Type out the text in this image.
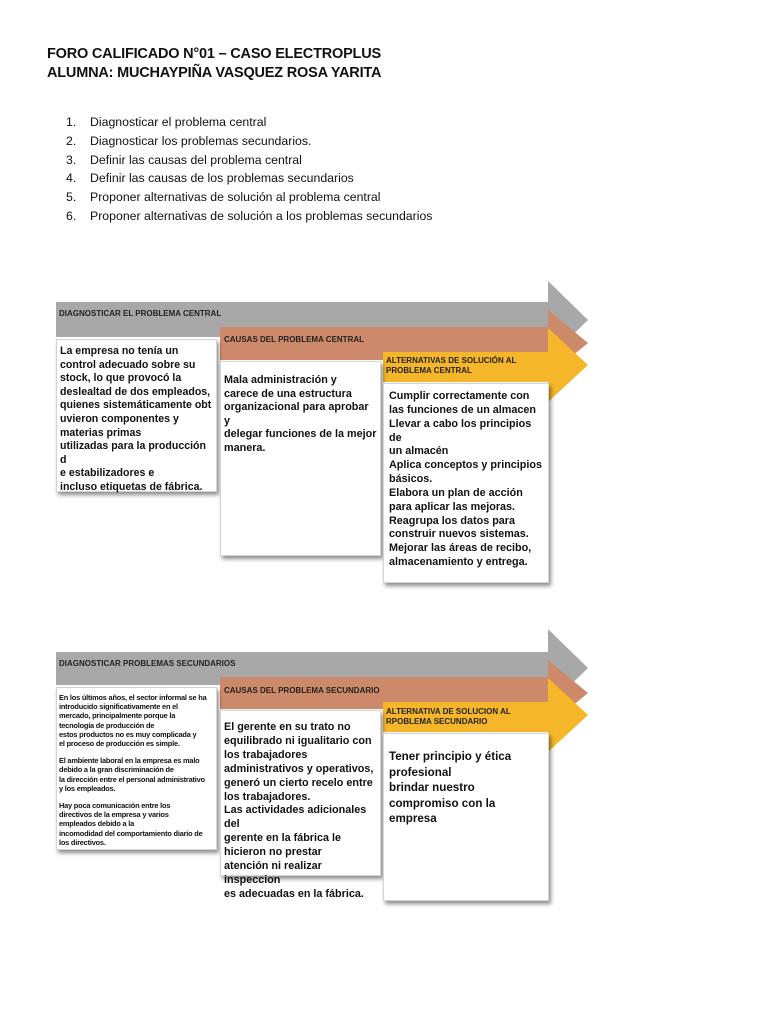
FORO CALIFICADO N°01 – CASO ELECTROPLUS
ALUMNA: MUCHAYPIÑA VASQUEZ ROSA YARITA
1.	Diagnosticar el problema central
2.	Diagnosticar los problemas secundarios.
3.	Definir las causas del problema central
4.	Definir las causas de los problemas secundarios
5.	Proponer alternativas de solución al problema central
6.	Proponer alternativas de solución a los problemas secundarios
DIAGNOSTICAR EL PROBLEMA CENTRAL
CAUSAS DEL PROBLEMA CENTRAL
ALTERNATIVAS DE SOLUCIÓN AL
PROBLEMA CENTRAL
La empresa no tenía un
control adecuado sobre su
stock, lo que provocó la
deslealtad de dos empleados,
quienes sistemáticamente obt
uvieron componentes y
materias primas
utilizadas para la producción d
e estabilizadores e
incluso etiquetas de fábrica.
Mala administración y
carece de una estructura
organizacional para aprobar y
delegar funciones de la mejor
manera.
Cumplir correctamente con
las funciones de un almacen
Llevar a cabo los principios de
un almacén
Aplica conceptos y principios
básicos.
Elabora un plan de acción
para aplicar las mejoras.
Reagrupa los datos para
construir nuevos sistemas.
Mejorar las áreas de recibo,
almacenamiento y entrega.
DIAGNOSTICAR PROBLEMAS SECUNDARIOS
CAUSAS DEL PROBLEMA SECUNDARIO
ALTERNATIVA DE SOLUCION AL
RPOBLEMA SECUNDARIO
En los últimos años, el sector informal se ha
introducido significativamente en el
mercado, principalmente porque la
tecnología de producción de
estos productos no es muy complicada y
el proceso de producción es simple.
El ambiente laboral en la empresa es malo
debido a la gran discriminación de
la dirección entre el personal administrativo
y los empleados.
Hay poca comunicación entre los
directivos de la empresa y varios
empleados debido a la
incomodidad del comportamiento diario de
los directivos.
El gerente en su trato no
equilibrado ni igualitario con
los trabajadores
administrativos y operativos,
generó un cierto recelo entre
los trabajadores.
Las actividades adicionales del
gerente en la fábrica le
hicieron no prestar
atención ni realizar inspeccion
es adecuadas en la fábrica.
Tener principio y ética
profesional
brindar nuestro
compromiso con la
empresa
